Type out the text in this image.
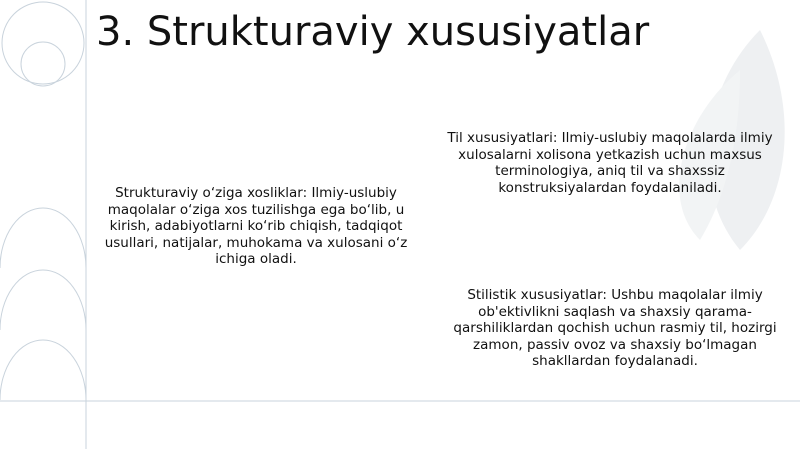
3. Strukturaviy xususiyatlar

Strukturaviy o‘ziga xosliklar: Ilmiy-uslubiy maqolalar o‘ziga xos tuzilishga ega bo‘lib, u kirish, adabiyotlarni ko‘rib chiqish, tadqiqot usullari, natijalar, muhokama va xulosani o‘z ichiga oladi.

Til xususiyatlari: Ilmiy-uslubiy maqolalarda ilmiy xulosalarni xolisona yetkazish uchun maxsus terminologiya, aniq til va shaxssiz konstruksiyalardan foydalaniladi.

Stilistik xususiyatlar: Ushbu maqolalar ilmiy ob'ektivlikni saqlash va shaxsiy qarama-qarshiliklardan qochish uchun rasmiy til, hozirgi zamon, passiv ovoz va shaxsiy bo‘lmagan shakllardan foydalanadi.
